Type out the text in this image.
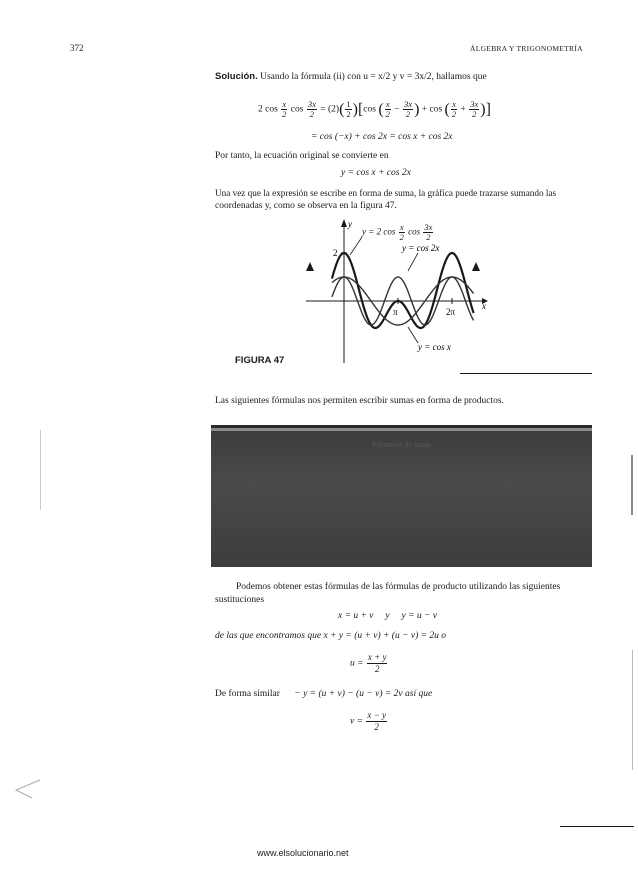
372	ÁLGEBRA Y TRIGONOMETRÍA
Solución. Usando la fórmula (ii) con u = x/2 y v = 3x/2, hallamos que
2 $\cos \frac{x}{2}$ $\cos \frac{3x}{2} = (2)( \frac{1}{2} )[\cos$ ( $\frac{x}{2} - \frac{3x}{2}$ ) + cos ( $\frac{x}{2} + \frac{3x}{2}$ )]
= cos (−x) + cos 2x = cos x + cos 2x
Por tanto, la ecuación original se convierte en
y = cos x + cos 2x
Una vez que la expresión se escribe en forma de suma, la gráfica puede trazarse sumando las
coordenadas y, como se observa en la figura 47.
y
x
2
π	2π
y = cos 2x
y = cos x
y = 2 $\cos \frac{x}{2}$ $\cos \frac{3x}{2}$
FIGURA 47
Las siguientes fórmulas nos permiten escribir sumas en forma de productos.
Fórmulas de suma
Podemos obtener estas fórmulas de las fórmulas de producto utilizando las siguientes
sustituciones
x = u + v     y     y = u − v
de las que encontramos que x + y = (u + v) + (u − v) = 2u o
$u = \frac{x + y}{2}$
De forma similar − y = (u + v) − (u − v) = 2v así que
$v = \frac{x - y}{2}$
www.elsolucionario.net
